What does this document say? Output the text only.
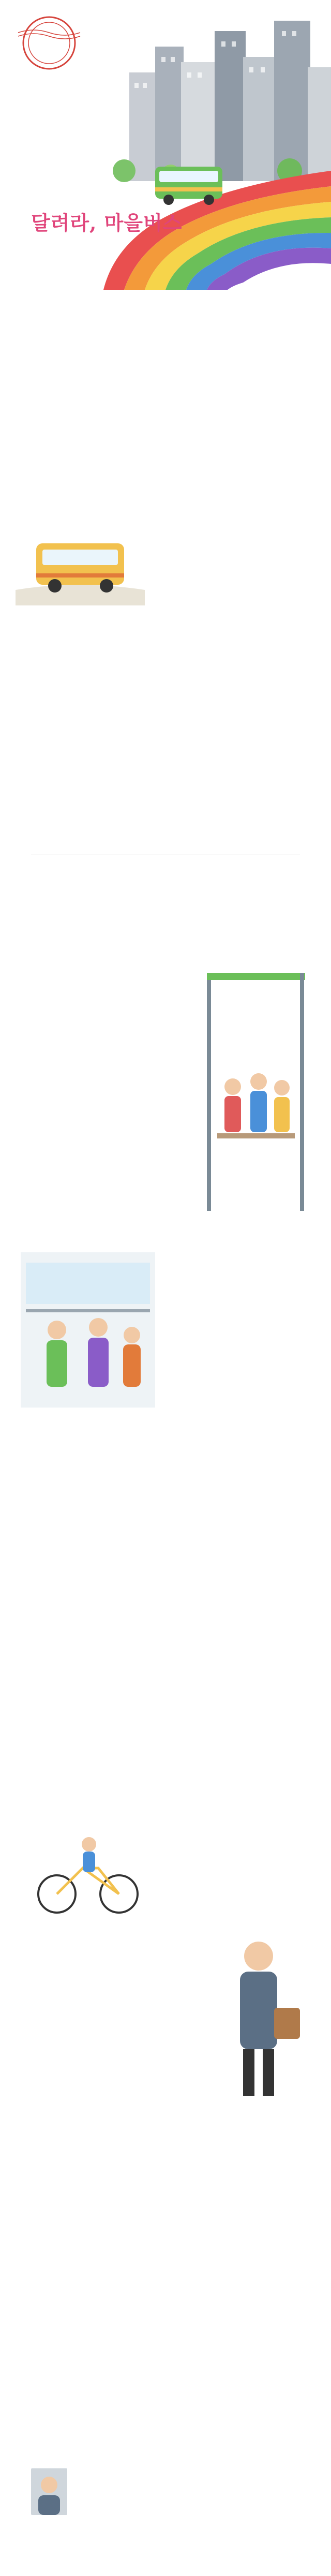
달려라, 마을버스
